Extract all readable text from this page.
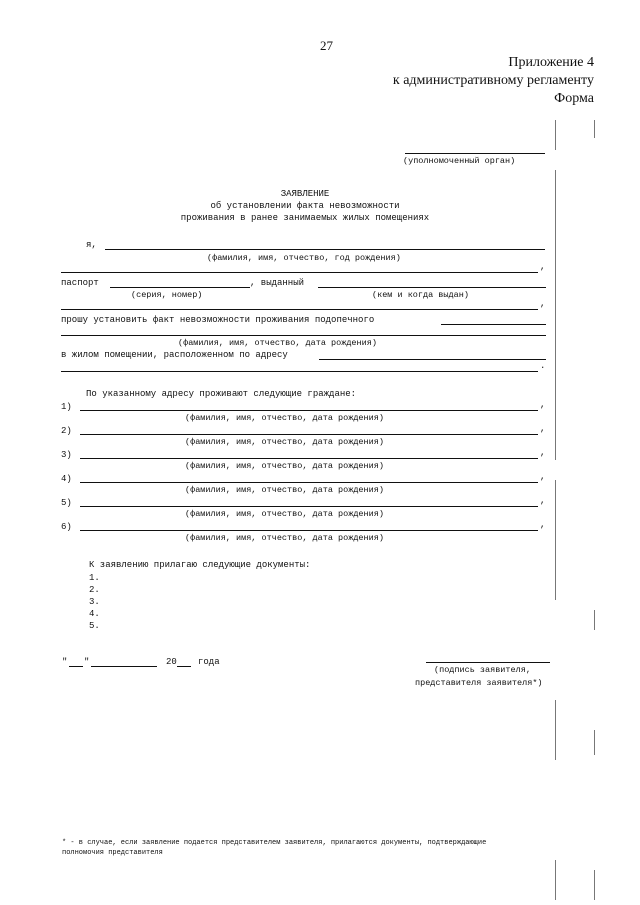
27
Приложение 4
к административному регламенту
Форма
(уполномоченный орган)
ЗАЯВЛЕНИЕ
об установлении факта невозможности
проживания в ранее занимаемых жилых помещениях
я,
(фамилия, имя, отчество, год рождения)
,
паспорт	, выданный
(серия, номер)	(кем и когда выдан)
,
прошу установить факт невозможности проживания подопечного
(фамилия, имя, отчество, дата рождения)
в жилом помещении, расположенном по адресу
.
По указанному адресу проживают следующие граждане:
1)	,
(фамилия, имя, отчество, дата рождения)
2)	,
(фамилия, имя, отчество, дата рождения)
3)	,
(фамилия, имя, отчество, дата рождения)
4)	,
(фамилия, имя, отчество, дата рождения)
5)	,
(фамилия, имя, отчество, дата рождения)
6)	,
(фамилия, имя, отчество, дата рождения)
К заявлению прилагаю следующие документы:
1.
2.
3.
4.
5.
" "	20 года
(подпись заявителя,
представителя заявителя*)
* - в случае, если заявление подается представителем заявителя, прилагаются документы, подтверждающие
полномочия представителя
